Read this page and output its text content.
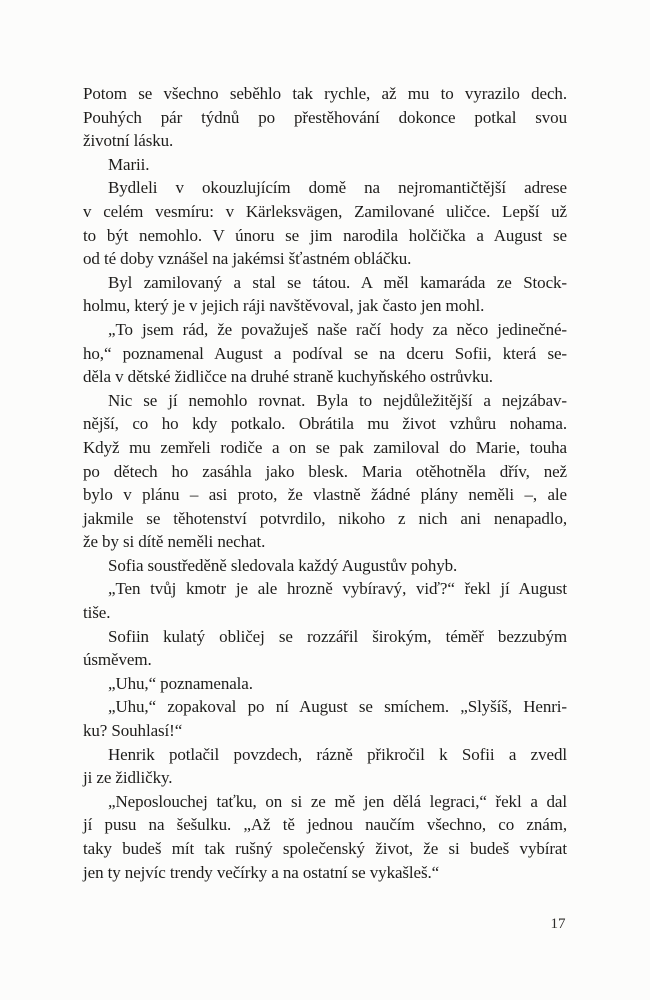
Potom se všechno seběhlo tak rychle, až mu to vyrazilo dech.
Pouhých pár týdnů po přestěhování dokonce potkal svou
životní lásku.
Marii.
Bydleli v okouzlujícím domě na nejromantičtější adrese
v celém vesmíru: v Kärleksvägen, Zamilované uličce. Lepší už
to být nemohlo. V únoru se jim narodila holčička a August se
od té doby vznášel na jakémsi šťastném obláčku.
Byl zamilovaný a stal se tátou. A měl kamaráda ze Stock-
holmu, který je v jejich ráji navštěvoval, jak často jen mohl.
„To jsem rád, že považuješ naše račí hody za něco jedinečné-
ho,“ poznamenal August a podíval se na dceru Sofii, která se-
děla v dětské židličce na druhé straně kuchyňského ostrůvku.
Nic se jí nemohlo rovnat. Byla to nejdůležitější a nejzábav-
nější, co ho kdy potkalo. Obrátila mu život vzhůru nohama.
Když mu zemřeli rodiče a on se pak zamiloval do Marie, touha
po dětech ho zasáhla jako blesk. Maria otěhotněla dřív, než
bylo v plánu – asi proto, že vlastně žádné plány neměli –, ale
jakmile se těhotenství potvrdilo, nikoho z nich ani nenapadlo,
že by si dítě neměli nechat.
Sofia soustředěně sledovala každý Augustův pohyb.
„Ten tvůj kmotr je ale hrozně vybíravý, viď?“ řekl jí August
tiše.
Sofiin kulatý obličej se rozzářil širokým, téměř bezzubým
úsměvem.
„Uhu,“ poznamenala.
„Uhu,“ zopakoval po ní August se smíchem. „Slyšíš, Henri-
ku? Souhlasí!“
Henrik potlačil povzdech, rázně přikročil k Sofii a zvedl
ji ze židličky.
„Neposlouchej taťku, on si ze mě jen dělá legraci,“ řekl a dal
jí pusu na šešulku. „Až tě jednou naučím všechno, co znám,
taky budeš mít tak rušný společenský život, že si budeš vybírat
jen ty nejvíc trendy večírky a na ostatní se vykašleš.“
17
